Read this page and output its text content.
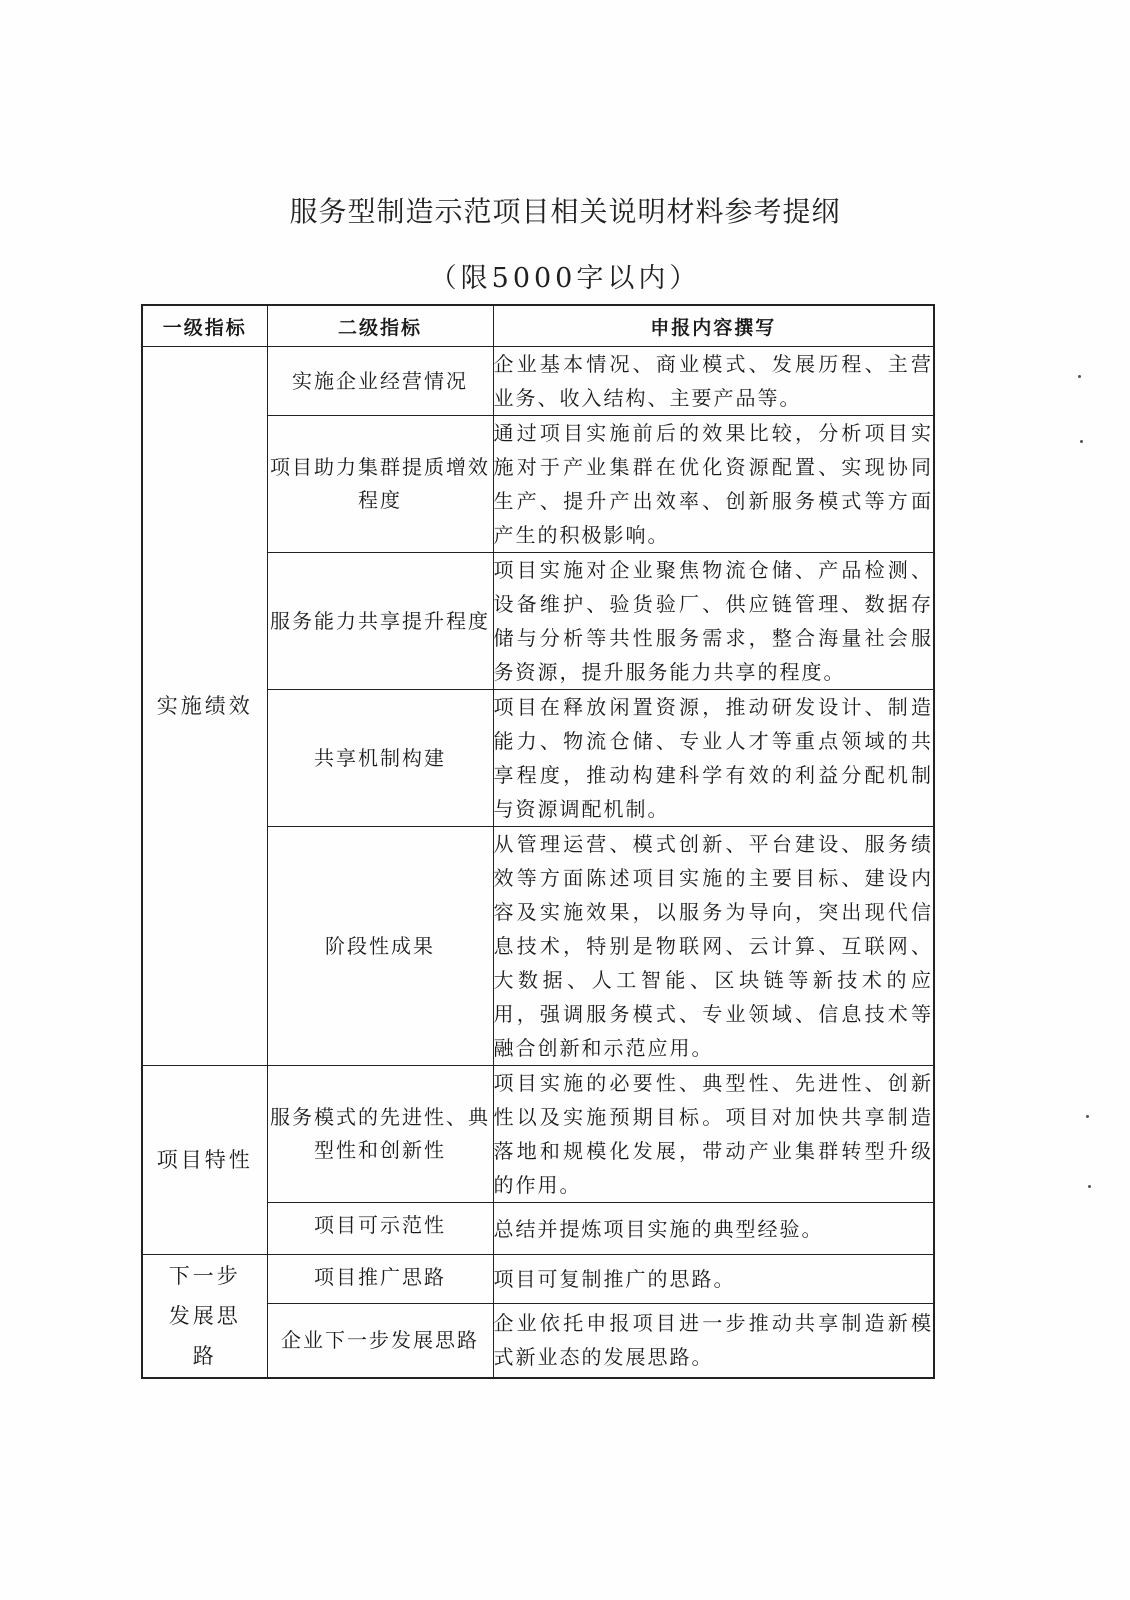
服务型制造示范项目相关说明材料参考提纲
（限5000字以内）
一级指标	二级指标	申报内容撰写
实施绩效	实施企业经营情况	企业基本情况、商业模式、发展历程、主营业务、收入结构、主要产品等。
	项目助力集群提质增效程度	通过项目实施前后的效果比较，分析项目实施对于产业集群在优化资源配置、实现协同生产、提升产出效率、创新服务模式等方面产生的积极影响。
	服务能力共享提升程度	项目实施对企业聚焦物流仓储、产品检测、设备维护、验货验厂、供应链管理、数据存储与分析等共性服务需求，整合海量社会服务资源，提升服务能力共享的程度。
	共享机制构建	项目在释放闲置资源，推动研发设计、制造能力、物流仓储、专业人才等重点领域的共享程度，推动构建科学有效的利益分配机制与资源调配机制。
	阶段性成果	从管理运营、模式创新、平台建设、服务绩效等方面陈述项目实施的主要目标、建设内容及实施效果，以服务为导向，突出现代信息技术，特别是物联网、云计算、互联网、大数据、人工智能、区块链等新技术的应用，强调服务模式、专业领域、信息技术等融合创新和示范应用。
项目特性	服务模式的先进性、典型性和创新性	项目实施的必要性、典型性、先进性、创新性以及实施预期目标。项目对加快共享制造落地和规模化发展，带动产业集群转型升级的作用。
	项目可示范性	总结并提炼项目实施的典型经验。
下一步发展思路	项目推广思路	项目可复制推广的思路。
	企业下一步发展思路	企业依托申报项目进一步推动共享制造新模式新业态的发展思路。
